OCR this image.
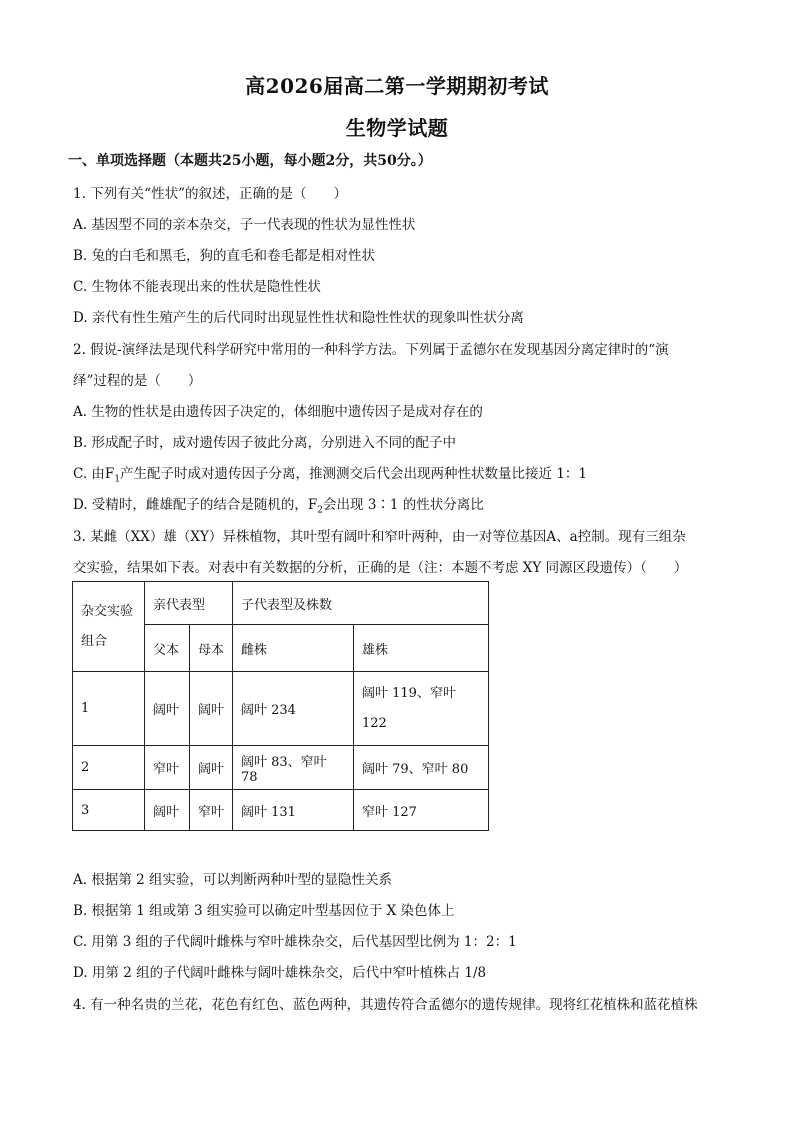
高2026届高二第一学期期初考试
生物学试题
一、单项选择题（本题共25小题，每小题2分，共50分。）
1. 下列有关“性状”的叙述，正确的是（　　）
A. 基因型不同的亲本杂交，子一代表现的性状为显性性状
B. 兔的白毛和黑毛，狗的直毛和卷毛都是相对性状
C. 生物体不能表现出来的性状是隐性性状
D. 亲代有性生殖产生的后代同时出现显性性状和隐性性状的现象叫性状分离
2. 假说-演绎法是现代科学研究中常用的一种科学方法。下列属于孟德尔在发现基因分离定律时的“演
绎”过程的是（　　）
A. 生物的性状是由遗传因子决定的，体细胞中遗传因子是成对存在的
B. 形成配子时，成对遗传因子彼此分离，分别进入不同的配子中
C. 由$F_1$产生配子时成对遗传因子分离，推测测交后代会出现两种性状数量比接近 1：1
D. 受精时，雌雄配子的结合是随机的，$F_2$会出现 3∶1 的性状分离比
3. 某雌（XX）雄（XY）异株植物，其叶型有阔叶和窄叶两种，由一对等位基因A、a控制。现有三组杂
交实验，结果如下表。对表中有关数据的分析，正确的是（注：本题不考虑 XY 同源区段遗传）（　　）
杂交实验组合	亲代表型		子代表型及株数	
	父本	母本	雌株	雄株
1	阔叶	阔叶	阔叶 234	阔叶 119、窄叶
122
2	窄叶	阔叶	阔叶 83、窄叶 78	阔叶 79、窄叶 80
3	阔叶	窄叶	阔叶 131	窄叶 127
A. 根据第 2 组实验，可以判断两种叶型的显隐性关系
B. 根据第 1 组或第 3 组实验可以确定叶型基因位于 X 染色体上
C. 用第 3 组的子代阔叶雌株与窄叶雄株杂交，后代基因型比例为 1：2：1
D. 用第 2 组的子代阔叶雌株与阔叶雄株杂交，后代中窄叶植株占 1/8
4. 有一种名贵的兰花，花色有红色、蓝色两种，其遗传符合孟德尔的遗传规律。现将红花植株和蓝花植株
